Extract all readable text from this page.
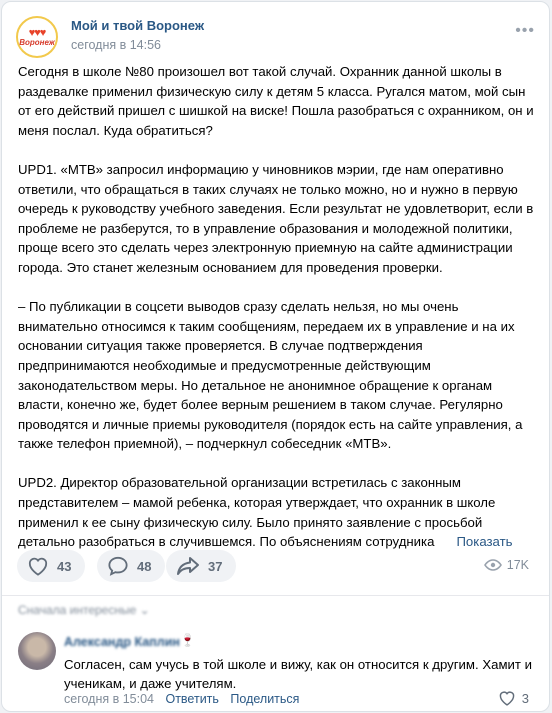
♥♥♥
Воронеж
Мой и твой Воронеж
сегодня в 14:56
•••

Сегодня в школе №80 произошел вот такой случай. Охранник данной школы в раздевалке применил физическую силу к детям 5 класса. Ругался матом, мой сын от его действий пришел с шишкой на виске! Пошла разобраться с охранником, он и меня послал. Куда обратиться?

UPD1. «МТВ» запросил информацию у чиновников мэрии, где нам оперативно ответили, что обращаться в таких случаях не только можно, но и нужно в первую очередь к руководству учебного заведения. Если результат не удовлетворит, если в проблеме не разберутся, то в управление образования и молодежной политики, проще всего это сделать через электронную приемную на сайте администрации города. Это станет железным основанием для проведения проверки.

– По публикации в соцсети выводов сразу сделать нельзя, но мы очень внимательно относимся к таким сообщениям, передаем их в управление и на их основании ситуация также проверяется. В случае подтверждения предпринимаются необходимые и предусмотренные действующим законодательством меры. Но детальное не анонимное обращение к органам власти, конечно же, будет более верным решением в таком случае. Регулярно проводятся и личные приемы руководителя (порядок есть на сайте управления, а также телефон приемной), – подчеркнул собеседник «МТВ».

UPD2. Директор образовательной организации встретилась с законным представителем – мамой ребенка, которая утверждает, что охранник в школе применил к ее сыну физическую силу. Было принято заявление с просьбой детально разобраться в случившемся. По объяснениям сотрудника Показать

43	48	37	17K
Сначала интересные ⌄
Александр Каплин 🍷
Согласен, сам учусь в той школе и вижу, как он относится к другим. Хамит и ученикам, и даже учителям.
сегодня в 15:04 Ответить Поделиться	3
